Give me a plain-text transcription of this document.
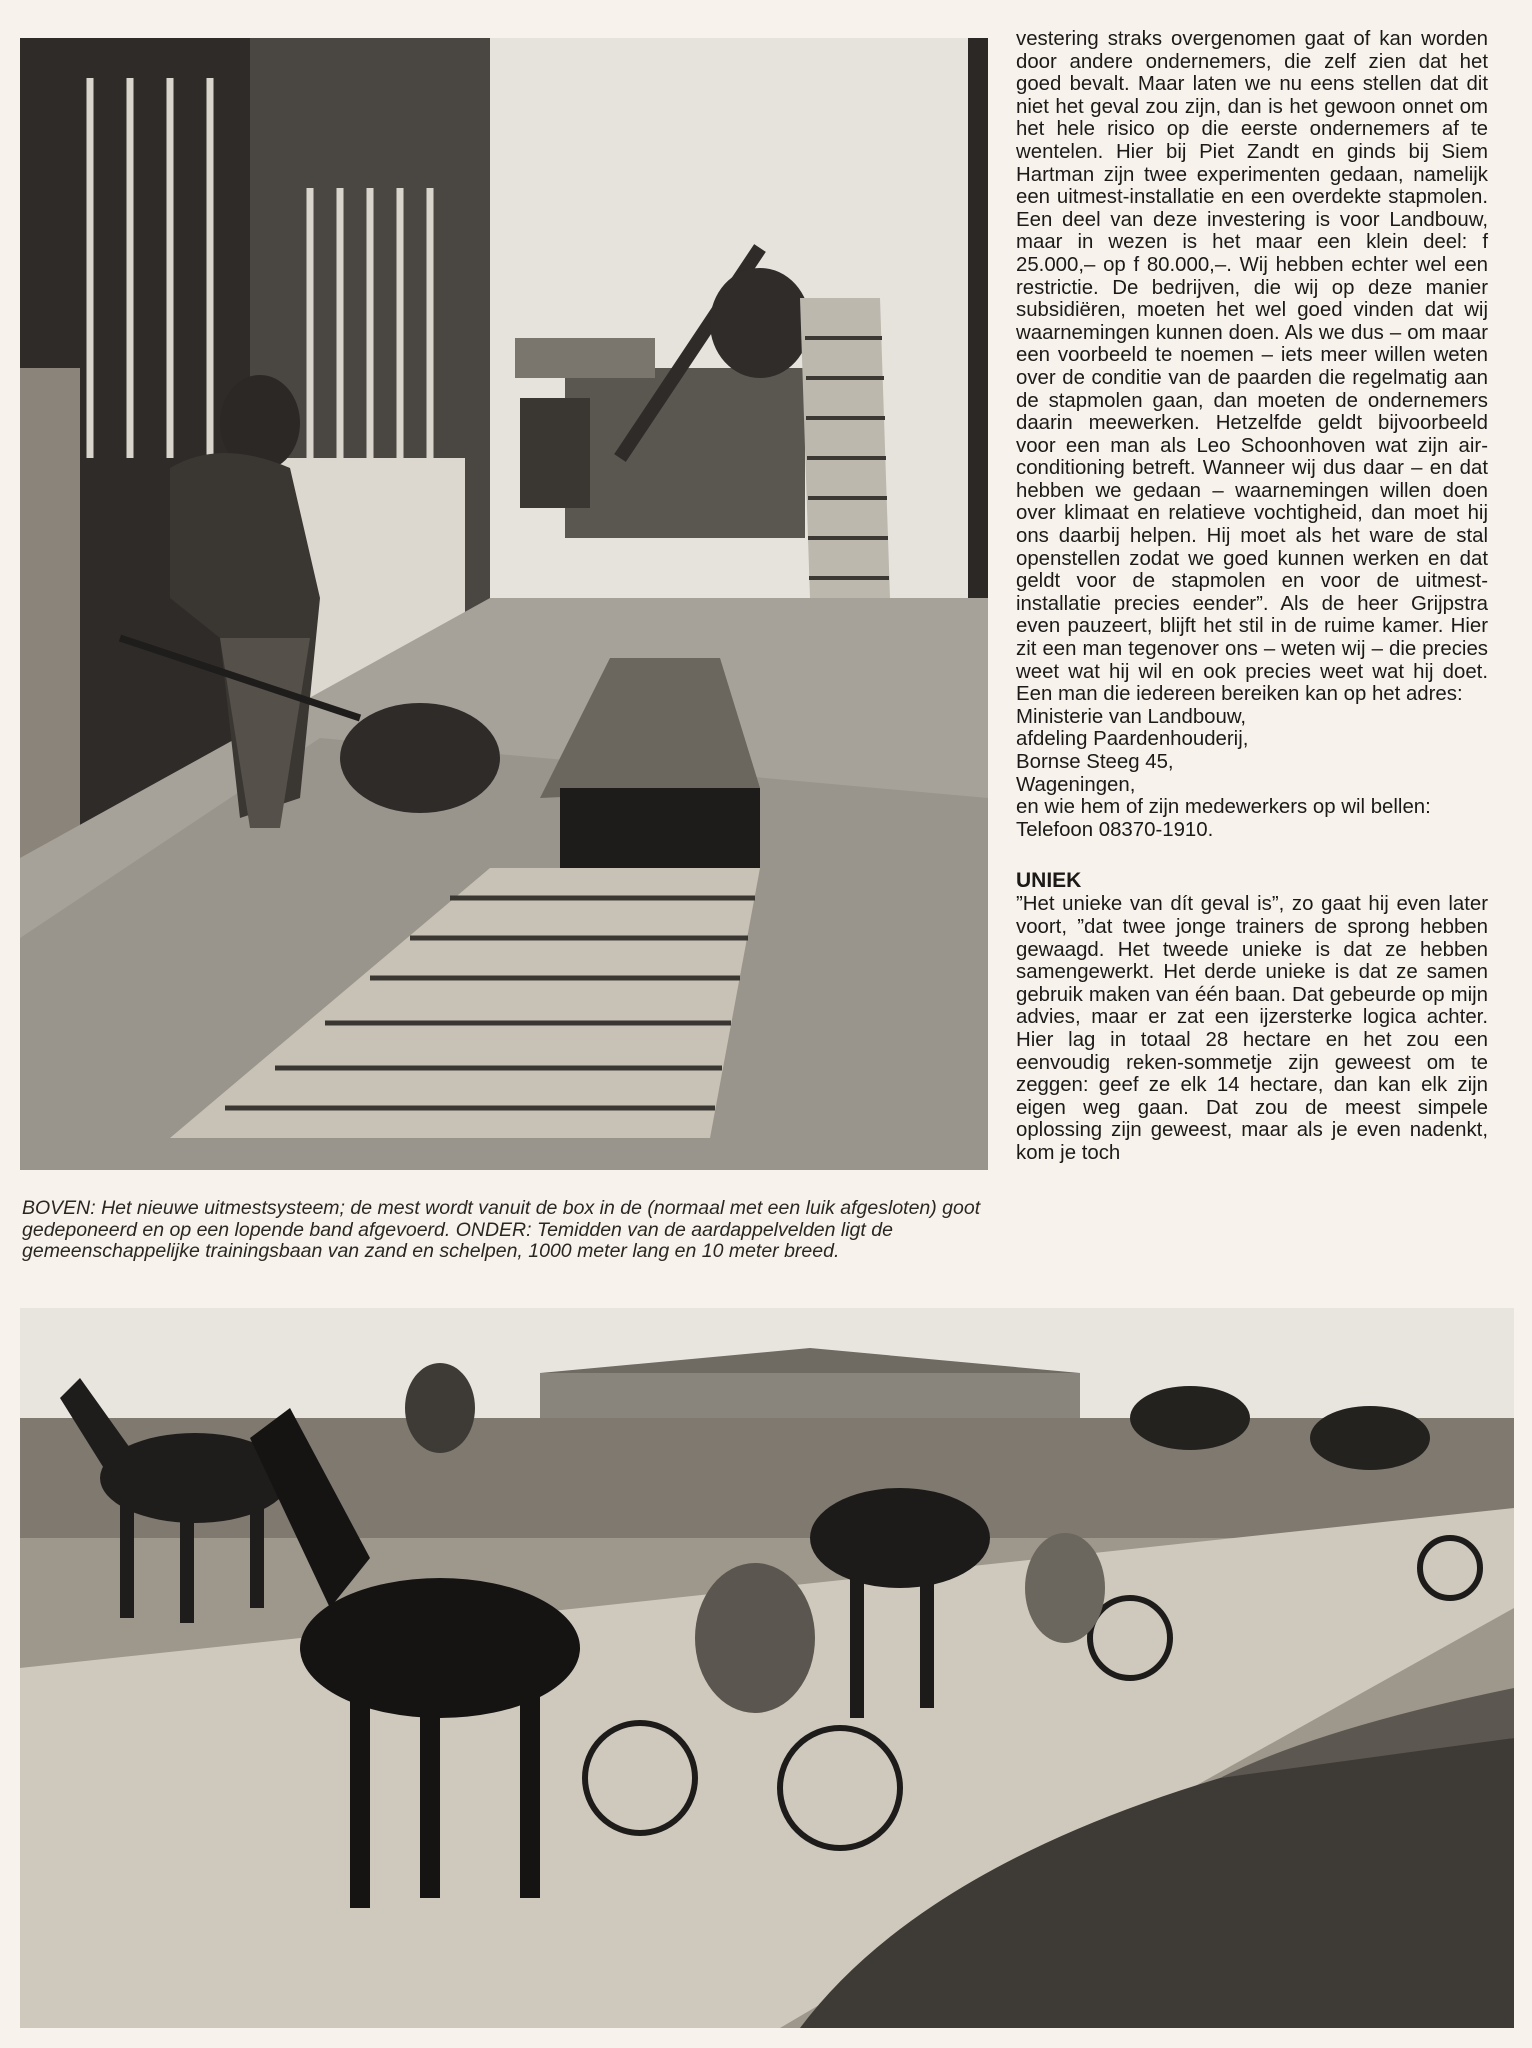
BOVEN: Het nieuwe uitmestsysteem; de mest wordt vanuit de box in de (normaal met een luik afgesloten) goot gedeponeerd en op een lopende band afgevoerd. ONDER: Temidden van de aardappelvelden ligt de gemeenschappelijke trainingsbaan van zand en schelpen, 1000 meter lang en 10 meter breed.

vestering straks overgenomen gaat of kan worden door andere ondernemers, die zelf zien dat het goed bevalt. Maar laten we nu eens stellen dat dit niet het geval zou zijn, dan is het gewoon onnet om het hele risico op die eerste ondernemers af te wentelen. Hier bij Piet Zandt en ginds bij Siem Hartman zijn twee experimenten gedaan, namelijk een uitmest-installatie en een overdekte stapmolen. Een deel van deze investering is voor Landbouw, maar in wezen is het maar een klein deel: f 25.000,– op f 80.000,–. Wij hebben echter wel een restrictie. De bedrijven, die wij op deze manier subsidiëren, moeten het wel goed vinden dat wij waarnemingen kunnen doen. Als we dus – om maar een voorbeeld te noemen – iets meer willen weten over de conditie van de paarden die regelmatig aan de stapmolen gaan, dan moeten de ondernemers daarin meewerken. Hetzelfde geldt bijvoorbeeld voor een man als Leo Schoonhoven wat zijn air-conditioning betreft. Wanneer wij dus daar – en dat hebben we gedaan – waarnemingen willen doen over klimaat en relatieve vochtigheid, dan moet hij ons daarbij helpen. Hij moet als het ware de stal openstellen zodat we goed kunnen werken en dat geldt voor de stapmolen en voor de uitmest-installatie precies eender”. Als de heer Grijpstra even pauzeert, blijft het stil in de ruime kamer. Hier zit een man tegenover ons – weten wij – die precies weet wat hij wil en ook precies weet wat hij doet. Een man die iedereen bereiken kan op het adres:

Ministerie van Landbouw,
afdeling Paardenhouderij,
Bornse Steeg 45,
Wageningen,
en wie hem of zijn medewerkers op wil bellen:
Telefoon 08370-1910.
UNIEK

”Het unieke van dít geval is”, zo gaat hij even later voort, ”dat twee jonge trainers de sprong hebben gewaagd. Het tweede unieke is dat ze hebben samengewerkt. Het derde unieke is dat ze samen gebruik maken van één baan. Dat gebeurde op mijn advies, maar er zat een ijzersterke logica achter. Hier lag in totaal 28 hectare en het zou een eenvoudig reken-sommetje zijn geweest om te zeggen: geef ze elk 14 hectare, dan kan elk zijn eigen weg gaan. Dat zou de meest simpele oplossing zijn geweest, maar als je even nadenkt, kom je toch
